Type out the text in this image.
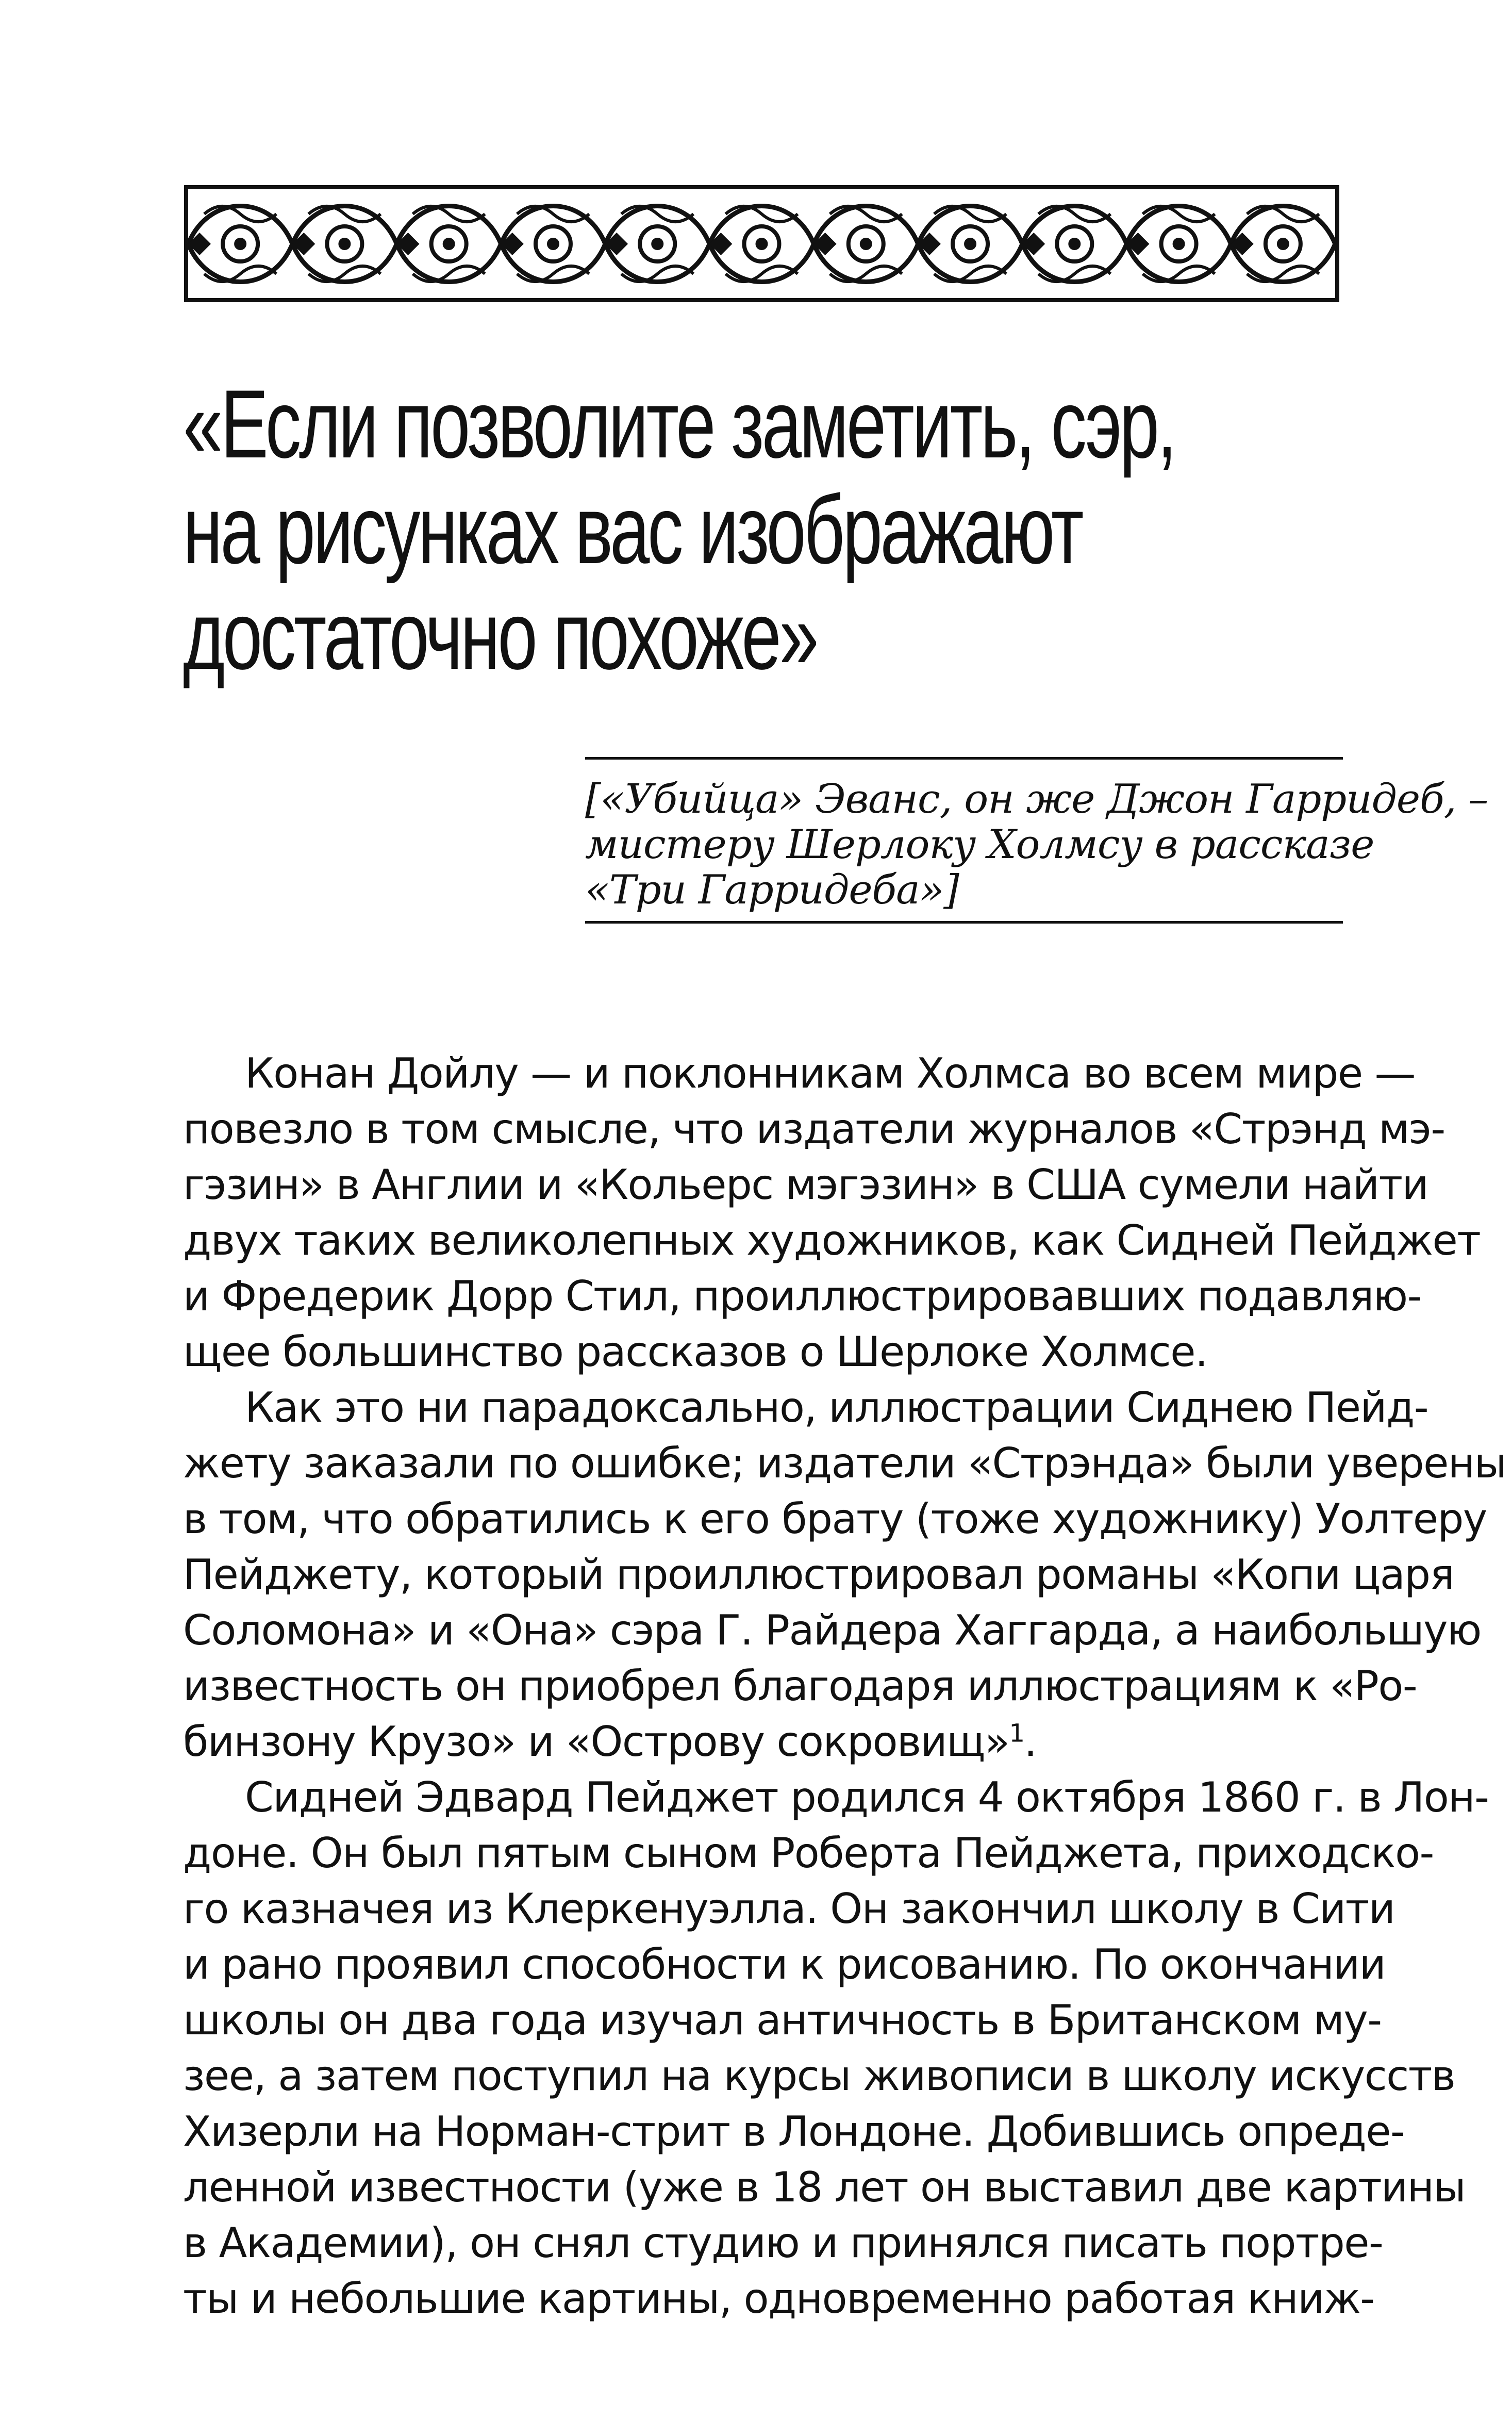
«Если позволите заметить, сэр,
на рисунках вас изображают
достаточно похоже»
[«Убийца» Эванс, он же Джон Гарридеб, –
мистеру Шерлоку Холмсу в рассказе
«Три Гарридеба»]
Конан Дойлу — и поклонникам Холмса во всем мире —
повезло в том смысле, что издатели журналов «Стрэнд мэ-
гэзин» в Англии и «Кольерс мэгэзин» в США сумели найти
двух таких великолепных художников, как Сидней Пейджет
и Фредерик Дорр Стил, проиллюстрировавших подавляю-
щее большинство рассказов о Шерлоке Холмсе.
Как это ни парадоксально, иллюстрации Сиднею Пейд-
жету заказали по ошибке; издатели «Стрэнда» были уверены
в том, что обратились к его брату (тоже художнику) Уолтеру
Пейджету, который проиллюстрировал романы «Копи царя
Соломона» и «Она» сэра Г. Райдера Хаггарда, а наибольшую
известность он приобрел благодаря иллюстрациям к «Ро-
бинзону Крузо» и «Острову сокровищ»$^1$.
Сидней Эдвард Пейджет родился 4 октября 1860 г. в Лон-
доне. Он был пятым сыном Роберта Пейджета, приходско-
го казначея из Клеркенуэлла. Он закончил школу в Сити
и рано проявил способности к рисованию. По окончании
школы он два года изучал античность в Британском му-
зее, а затем поступил на курсы живописи в школу искусств
Хизерли на Норман-стрит в Лондоне. Добившись опреде-
ленной известности (уже в 18 лет он выставил две картины
в Академии), он снял студию и принялся писать портре-
ты и небольшие картины, одновременно работая книж-
